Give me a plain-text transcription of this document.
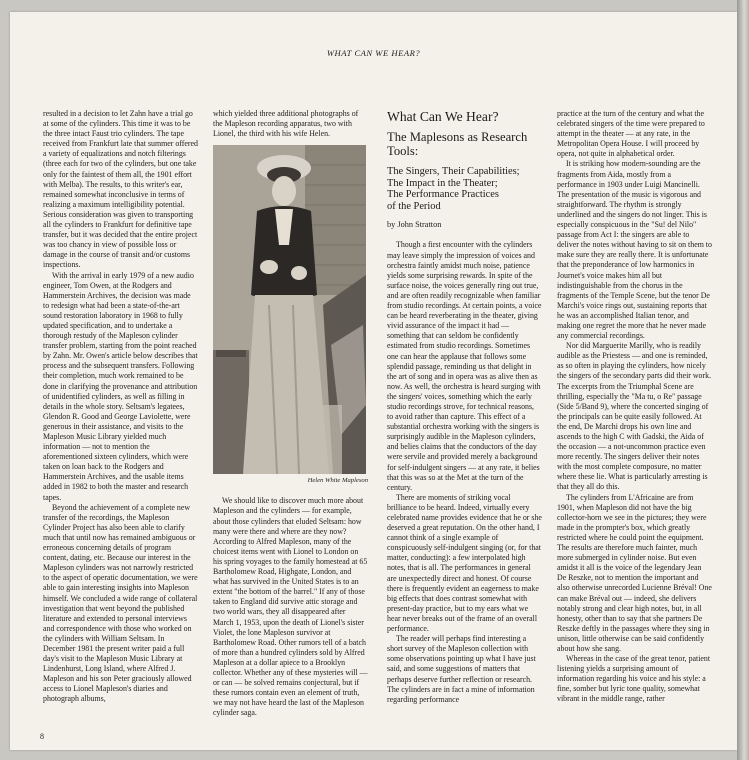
WHAT CAN WE HEAR?

resulted in a decision to let Zahn have a trial go at some of the cylinders. This time it was to be the three intact Faust trio cylinders. The tape received from Frankfurt late that summer offered a variety of equalizations and notch filterings (three each for two of the cylinders, but one take only for the faintest of them all, the 1901 effort with Melba). The results, to this writer's ear, remained somewhat inconclusive in terms of realizing a maximum intelligibility potential. Serious consideration was given to transporting all the cylinders to Frankfurt for definitive tape transfer, but it was decided that the entire project was too chancy in view of possible loss or damage in the course of transit and/or customs inspections.

With the arrival in early 1979 of a new audio engineer, Tom Owen, at the Rodgers and Hammerstein Archives, the decision was made to redesign what had been a state-of-the-art sound restoration laboratory in 1968 to fully updated specification, and to undertake a thorough restudy of the Mapleson cylinder transfer problem, starting from the point reached by Zahn. Mr. Owen's article below describes that process and the subsequent transfers. Following their completion, much work remained to be done in clarifying the provenance and attribution of unidentified cylinders, as well as filling in details in the whole story. Seltsam's legatees, Glendon R. Good and George Laviolette, were generous in their assistance, and visits to the Mapleson Music Library yielded much information — not to mention the aforementioned sixteen cylinders, which were taken on loan back to the Rodgers and Hammerstein Archives, and the usable items added in 1982 to both the master and research tapes.

Beyond the achievement of a complete new transfer of the recordings, the Mapleson Cylinder Project has also been able to clarify much that until now has remained ambiguous or erroneous concerning details of program content, dating, etc. Because our interest in the Mapleson cylinders was not narrowly restricted to the aspect of operatic documentation, we were able to gain interesting insights into Mapleson himself. We concluded a wide range of collateral investigation that went beyond the published literature and extended to personal interviews and correspondence with those who worked on the cylinders with William Seltsam. In December 1981 the present writer paid a full day's visit to the Mapleson Music Library at Lindenhurst, Long Island, where Alfred J. Mapleson and his son Peter graciously allowed access to Lionel Mapleson's diaries and photograph albums,

which yielded three additional photographs of the Mapleson recording apparatus, two with Lionel, the third with his wife Helen.

Helen White Mapleson

We should like to discover much more about Mapleson and the cylinders — for example, about those cylinders that eluded Seltsam: how many were there and where are they now? According to Alfred Mapleson, many of the choicest items went with Lionel to London on his spring voyages to the family homestead at 65 Bartholomew Road, Highgate, London, and what has survived in the United States is to an extent "the bottom of the barrel." If any of those taken to England did survive attic storage and two world wars, they all disappeared after March 1, 1953, upon the death of Lionel's sister Violet, the lone Mapleson survivor at Bartholomew Road. Other rumors tell of a batch of more than a hundred cylinders sold by Alfred Mapleson at a dollar apiece to a Brooklyn collector. Whether any of these mysteries will — or can — be solved remains conjectural, but if these rumors contain even an element of truth, we may not have heard the last of the Mapleson cylinder saga.

What Can We Hear?
The Maplesons as Research Tools:
The Singers, Their Capabilities;
The Impact in the Theater;
The Performance Practices
of the Period
by John Stratton

Though a first encounter with the cylinders may leave simply the impression of voices and orchestra faintly amidst much noise, patience yields some surprising rewards. In spite of the surface noise, the voices generally ring out true, and are often readily recognizable when familiar from studio recordings. At certain points, a voice can be heard reverberating in the theater, giving vivid assurance of the impact it had — something that can seldom be confidently estimated from studio recordings. Sometimes one can hear the applause that follows some splendid passage, reminding us that delight in the art of song and in opera was as alive then as now. As well, the orchestra is heard surging with the singers' voices, something which the early studio recordings strove, for technical reasons, to avoid rather than capture. This effect of a substantial orchestra working with the singers is surprisingly audible in the Mapleson cylinders, and belies claims that the conductors of the day were servile and provided merely a background for self-indulgent singers — at any rate, it belies that this was so at the Met at the turn of the century.

There are moments of striking vocal brilliance to be heard. Indeed, virtually every celebrated name provides evidence that he or she deserved a great reputation. On the other hand, I cannot think of a single example of conspicuously self-indulgent singing (or, for that matter, conducting): a few interpolated high notes, that is all. The performances in general are unexpectedly direct and honest. Of course there is frequently evident an eagerness to make big effects that does contrast somewhat with present-day practice, but to my ears what we hear never breaks out of the frame of an overall performance.

The reader will perhaps find interesting a short survey of the Mapleson collection with some observations pointing up what I have just said, and some suggestions of matters that perhaps deserve further reflection or research. The cylinders are in fact a mine of information regarding performance

practice at the turn of the century and what the celebrated singers of the time were prepared to attempt in the theater — at any rate, in the Metropolitan Opera House. I will proceed by opera, not quite in alphabetical order.

It is striking how modern-sounding are the fragments from Aida, mostly from a performance in 1903 under Luigi Mancinelli. The presentation of the music is vigorous and straightforward. The rhythm is strongly underlined and the singers do not linger. This is especially conspicuous in the "Su! del Nilo" passage from Act I: the singers are able to deliver the notes without having to sit on them to make sure they are really there. It is unfortunate that the preponderance of low harmonics in Journet's voice makes him all but indistinguishable from the chorus in the fragments of the Temple Scene, but the tenor De Marchi's voice rings out, sustaining reports that he was an accomplished Italian tenor, and making one regret the more that he never made any commercial recordings.

Nor did Marguerite Marilly, who is readily audible as the Priestess — and one is reminded, as so often in playing the cylinders, how nicely the singers of the secondary parts did their work. The excerpts from the Triumphal Scene are thrilling, especially the "Ma tu, o Re" passage (Side 5/Band 9), where the concerted singing of the principals can be quite easily followed. At the end, De Marchi drops his own line and ascends to the high C with Gadski, the Aida of the occasion — a not-uncommon practice even more recently. The singers deliver their notes with the most complete composure, no matter where these lie. What is particularly arresting is that they all do this.

The cylinders from L'Africaine are from 1901, when Mapleson did not have the big collector-horn we see in the pictures; they were made in the prompter's box, which greatly restricted where he could point the equipment. The results are therefore much fainter, much more submerged in cylinder noise. But even amidst it all is the voice of the legendary Jean De Reszke, not to mention the important and also otherwise unrecorded Lucienne Bréval! One can make Bréval out — indeed, she delivers notably strong and clear high notes, but, in all honesty, other than to say that she partners De Reszke deftly in the passages where they sing in unison, little otherwise can be said confidently about how she sang.

Whereas in the case of the great tenor, patient listening yields a surprising amount of information regarding his voice and his style: a fine, somber but lyric tone quality, somewhat vibrant in the middle range, rather

8
